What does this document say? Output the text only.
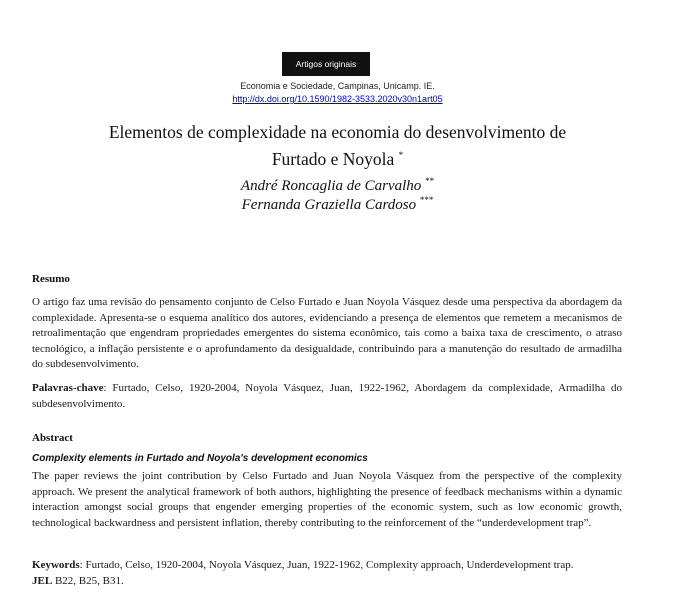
Artigos originais
Economia e Sociedade, Campinas, Unicamp. IE.
http://dx.doi.org/10.1590/1982-3533.2020v30n1art05
Elementos de complexidade na economia do desenvolvimento de
Furtado e Noyola *
André Roncaglia de Carvalho **
Fernanda Graziella Cardoso ***
Resumo
O artigo faz uma revisão do pensamento conjunto de Celso Furtado e Juan Noyola Vásquez desde uma perspectiva da abordagem da complexidade. Apresenta-se o esquema analítico dos autores, evidenciando a presença de elementos que remetem a mecanismos de retroalimentação que engendram propriedades emergentes do sistema econômico, tais como a baixa taxa de crescimento, o atraso tecnológico, a inflação persistente e o aprofundamento da desigualdade, contribuindo para a manutenção do resultado de armadilha do subdesenvolvimento.
Palavras-chave: Furtado, Celso, 1920-2004, Noyola Vásquez, Juan, 1922-1962, Abordagem da complexidade, Armadilha do subdesenvolvimento.
Abstract
Complexity elements in Furtado and Noyola's development economics
The paper reviews the joint contribution by Celso Furtado and Juan Noyola Vásquez from the perspective of the complexity approach. We present the analytical framework of both authors, highlighting the presence of feedback mechanisms within a dynamic interaction amongst social groups that engender emerging properties of the economic system, such as low economic growth, technological backwardness and persistent inflation, thereby contributing to the reinforcement of the “underdevelopment trap”.
Keywords: Furtado, Celso, 1920-2004, Noyola Vásquez, Juan, 1922-1962, Complexity approach, Underdevelopment trap.
JEL B22, B25, B31.
